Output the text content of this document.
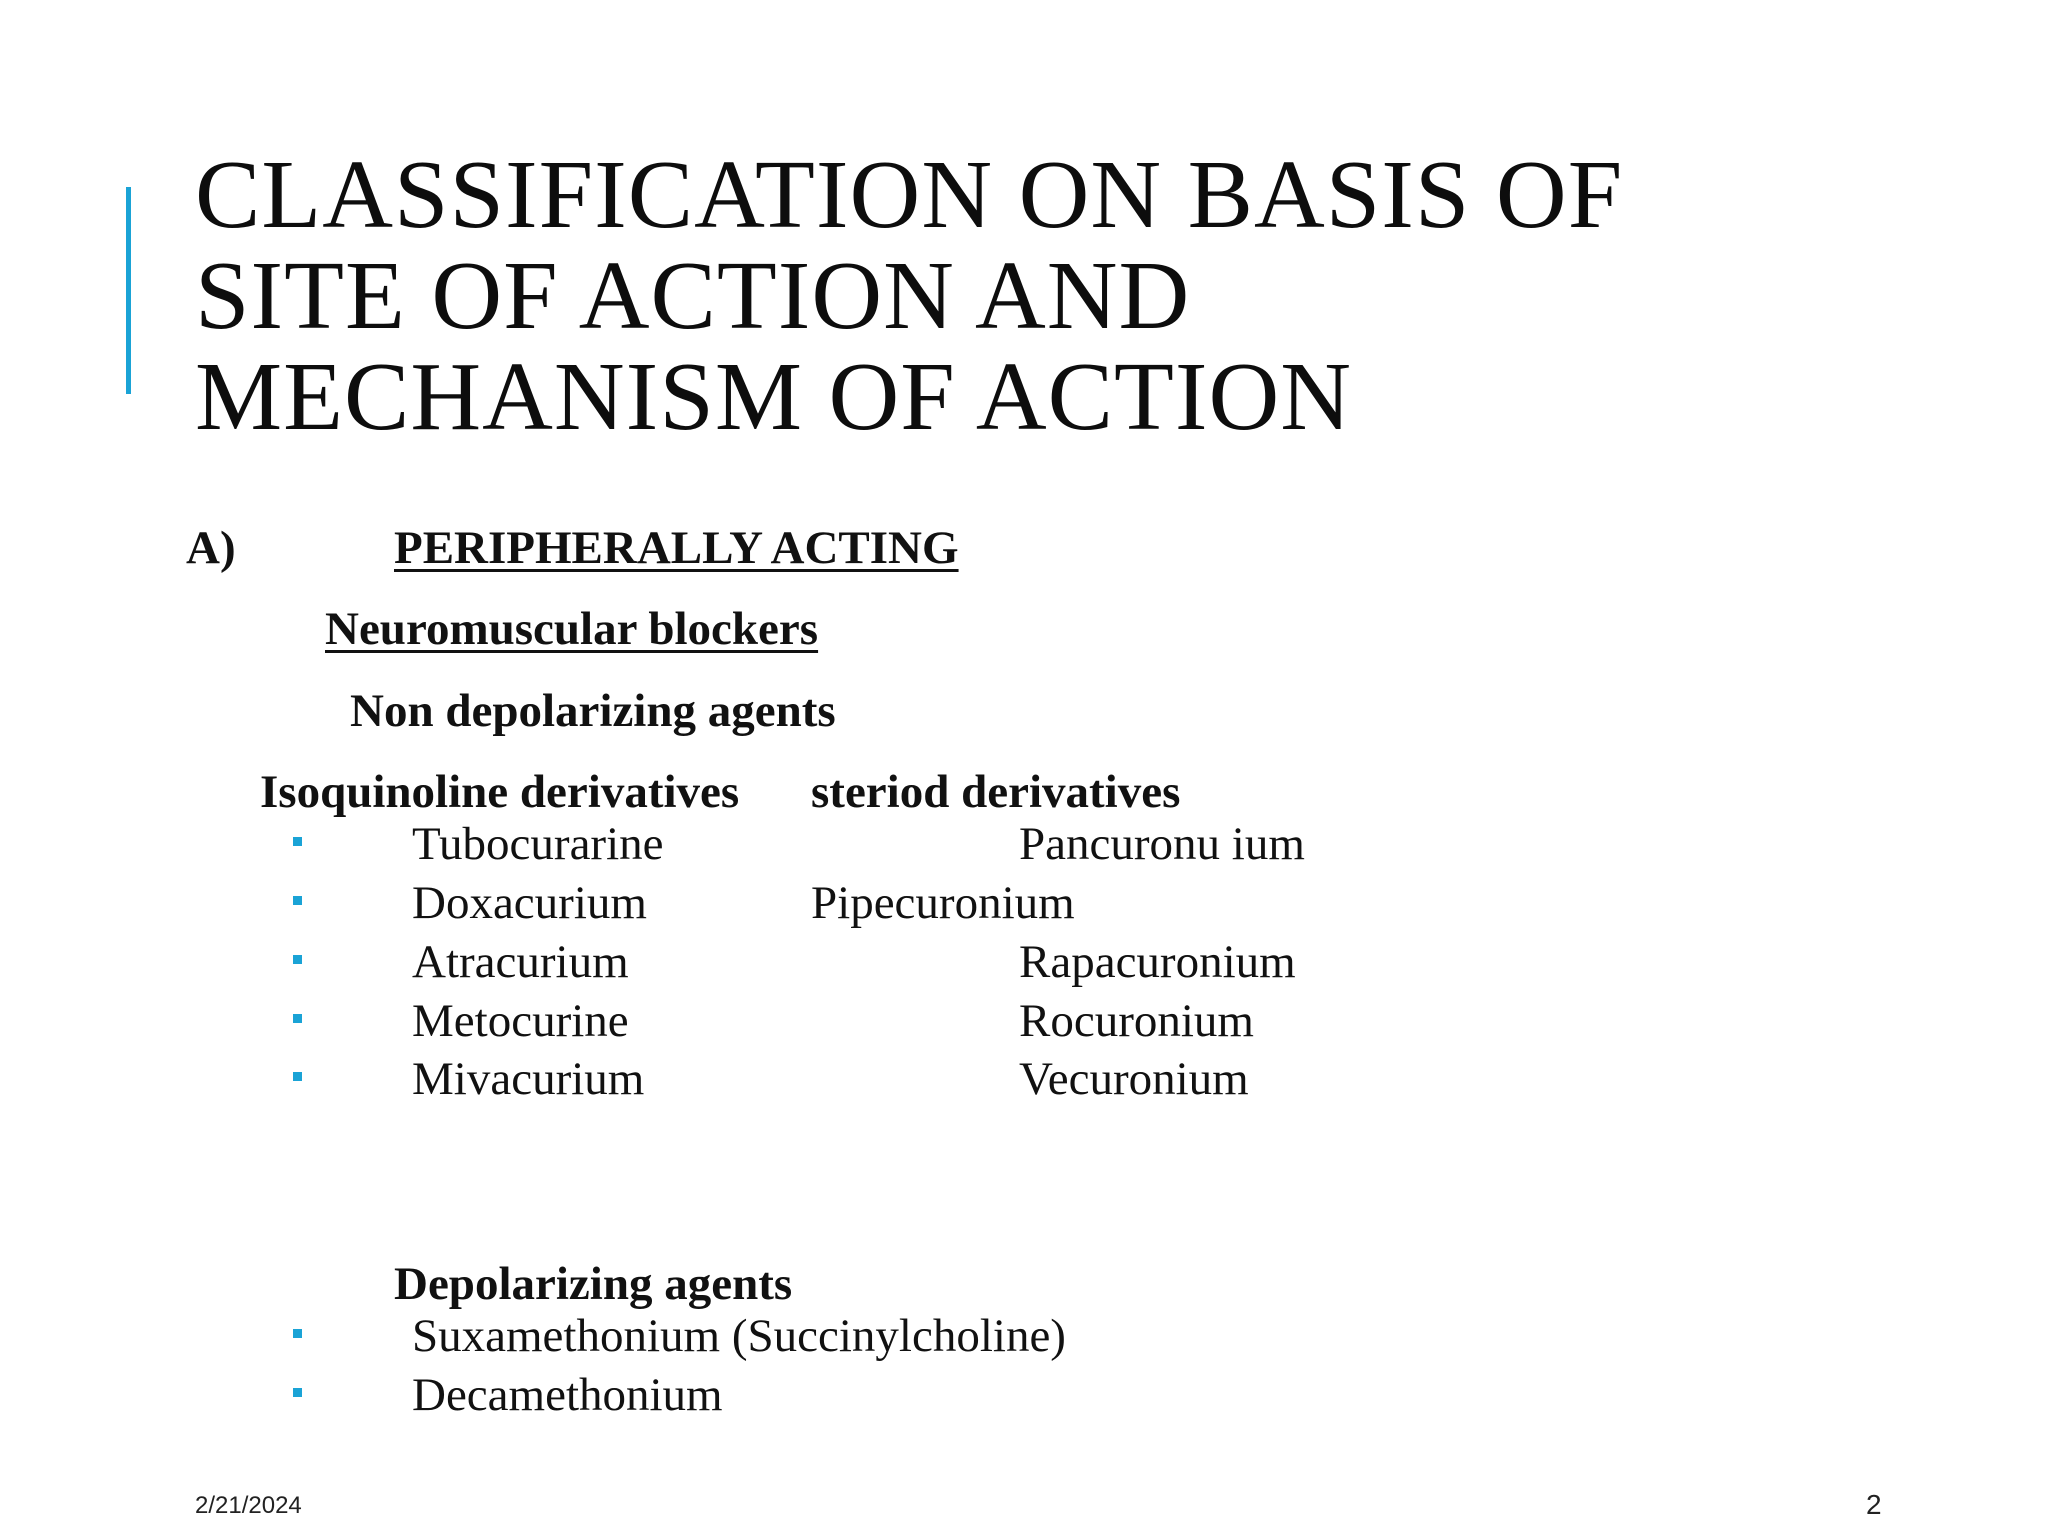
CLASSIFICATION ON BASIS OF
SITE OF ACTION AND
MECHANISM OF ACTION
A)	PERIPHERALLY ACTING
Neuromuscular blockers
Non depolarizing agents
Isoquinoline derivatives steriod derivatives
Tubocurarine
Doxacurium
Atracurium
Metocurine
Mivacurium
Pancuronu ium
Pipecuronium
Rapacuronium
Rocuronium
Vecuronium
Depolarizing agents
Suxamethonium (Succinylcholine)
Decamethonium
2/21/2024	2
